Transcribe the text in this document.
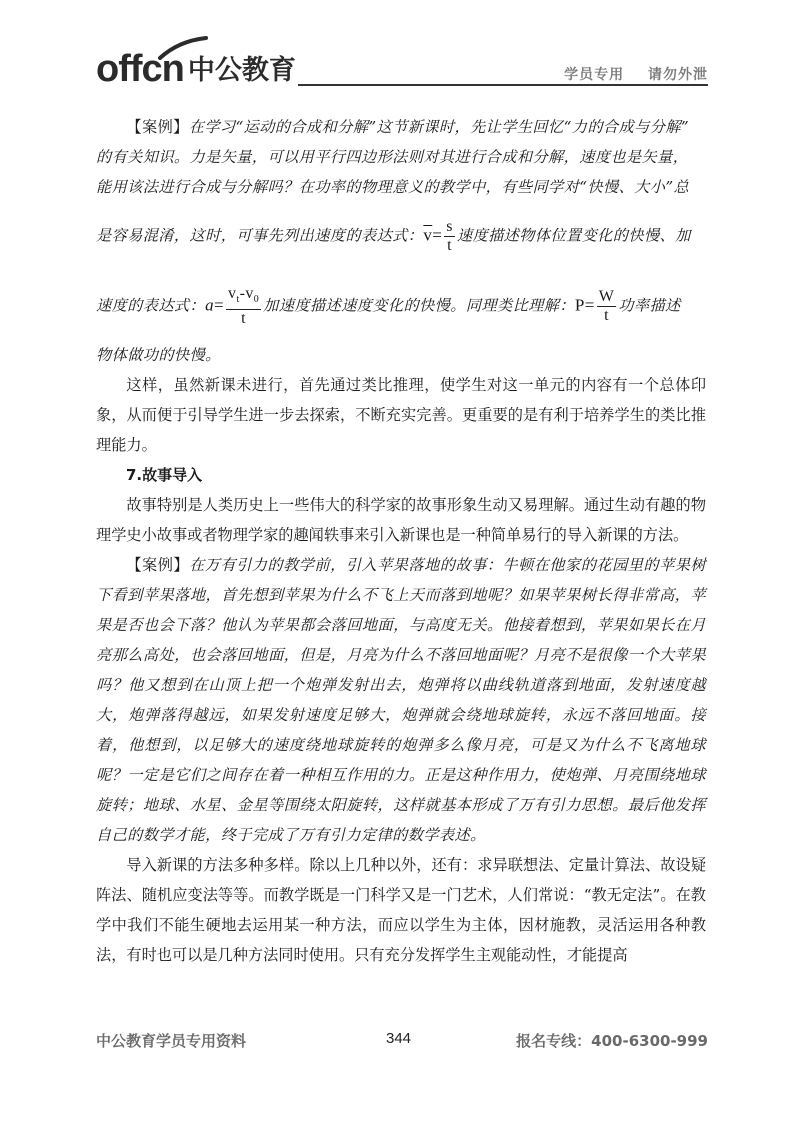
offcn 中公教育	学员专用 请勿外泄

【案例】在学习“运动的合成和分解”这节新课时，先让学生回忆“力的合成与分解”

的有关知识。力是矢量，可以用平行四边形法则对其进行合成和分解，速度也是矢量，

能用该法进行合成与分解吗？在功率的物理意义的教学中，有些同学对“快慢、大小”总

是容易混淆，这时，可事先列出速度的表达式：$\overline{v}= \frac{s}{t}$ 速度描述物体位置变化的快慢、加

速度的表达式：$a= \frac{v_t-v_0}{t}$ 加速度描述速度变化的快慢。同理类比理解：$P= \frac{W}{t}$ 功率描述

物体做功的快慢。

这样，虽然新课未进行，首先通过类比推理，使学生对这一单元的内容有一个总体印象，从而便于引导学生进一步去探索，不断充实完善。更重要的是有利于培养学生的类比推理能力。

7.故事导入

故事特别是人类历史上一些伟大的科学家的故事形象生动又易理解。通过生动有趣的物理学史小故事或者物理学家的趣闻轶事来引入新课也是一种简单易行的导入新课的方法。

【案例】在万有引力的教学前，引入苹果落地的故事：牛顿在他家的花园里的苹果树下看到苹果落地，首先想到苹果为什么不飞上天而落到地呢？如果苹果树长得非常高，苹果是否也会下落？他认为苹果都会落回地面，与高度无关。他接着想到，苹果如果长在月亮那么高处，也会落回地面，但是，月亮为什么不落回地面呢？月亮不是很像一个大苹果吗？他又想到在山顶上把一个炮弹发射出去，炮弹将以曲线轨道落到地面，发射速度越大，炮弹落得越远，如果发射速度足够大，炮弹就会绕地球旋转，永远不落回地面。接着，他想到，以足够大的速度绕地球旋转的炮弹多么像月亮，可是又为什么不飞离地球呢？一定是它们之间存在着一种相互作用的力。正是这种作用力，使炮弹、月亮围绕地球旋转；地球、水星、金星等围绕太阳旋转，这样就基本形成了万有引力思想。最后他发挥自己的数学才能，终于完成了万有引力定律的数学表述。

导入新课的方法多种多样。除以上几种以外，还有：求异联想法、定量计算法、故设疑阵法、随机应变法等等。而教学既是一门科学又是一门艺术，人们常说：“教无定法”。在教学中我们不能生硬地去运用某一种方法，而应以学生为主体，因材施教，灵活运用各种教法，有时也可以是几种方法同时使用。只有充分发挥学生主观能动性，才能提高

中公教育学员专用资料	344	报名专线：400-6300-999
